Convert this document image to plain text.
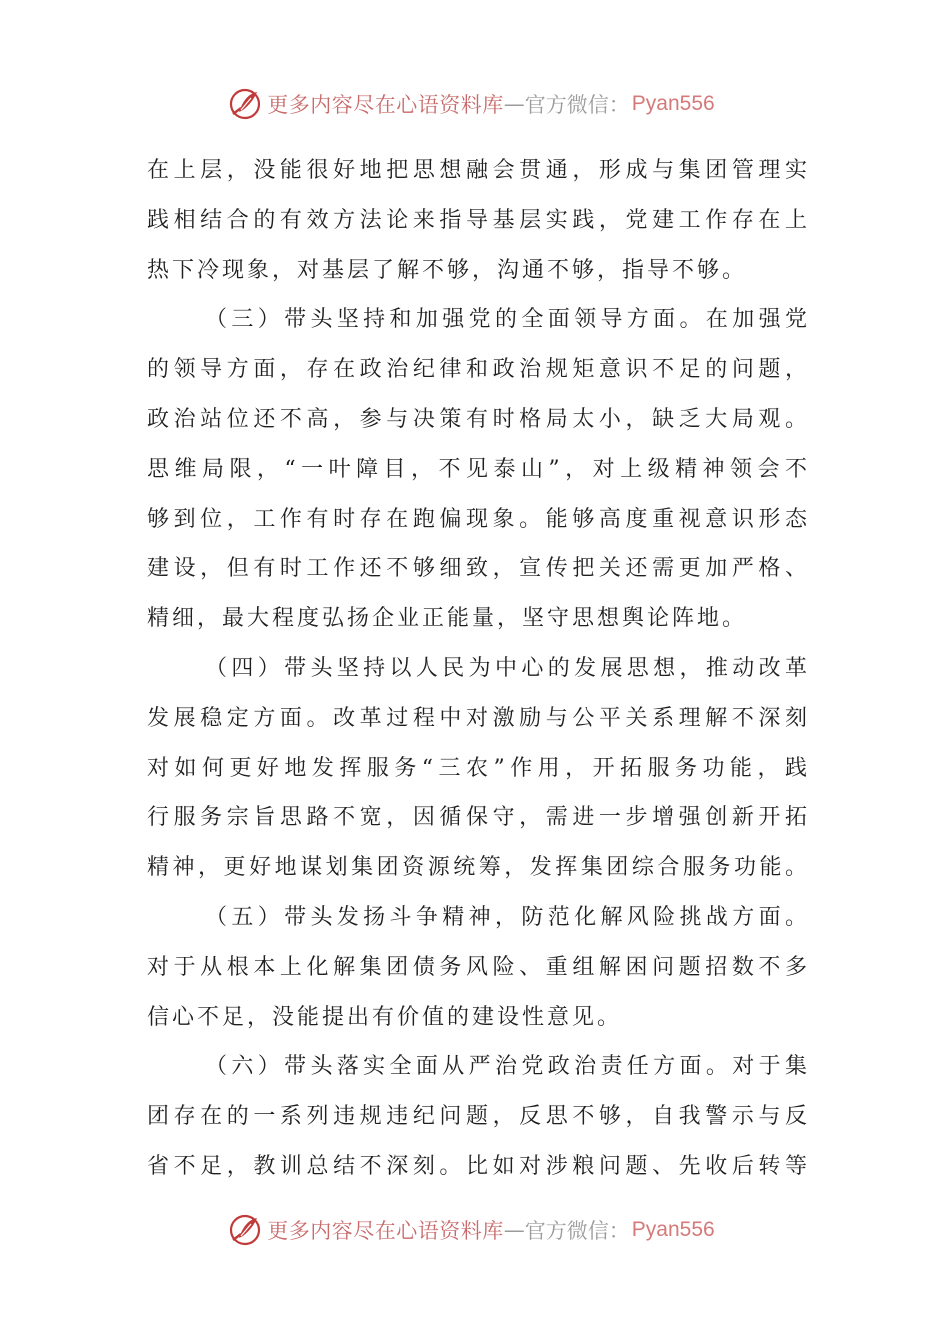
更多内容尽在心语资料库 — 官方微信： Pyan556
在上层，没能很好地把思想融会贯通，形成与集团管理实
践相结合的有效方法论来指导基层实践，党建工作存在上
热下冷现象，对基层了解不够，沟通不够，指导不够。
（三）带头坚持和加强党的全面领导方面。在加强党
的领导方面，存在政治纪律和政治规矩意识不足的问题，
政治站位还不高，参与决策有时格局太小，缺乏大局观。
思维局限，“一叶障目，不见泰山”，对上级精神领会不
够到位，工作有时存在跑偏现象。能够高度重视意识形态
建设，但有时工作还不够细致，宣传把关还需更加严格、
精细，最大程度弘扬企业正能量，坚守思想舆论阵地。
（四）带头坚持以人民为中心的发展思想，推动改革
发展稳定方面。改革过程中对激励与公平关系理解不深刻
对如何更好地发挥服务“三农”作用，开拓服务功能，践
行服务宗旨思路不宽，因循保守，需进一步增强创新开拓
精神，更好地谋划集团资源统筹，发挥集团综合服务功能。
（五）带头发扬斗争精神，防范化解风险挑战方面。
对于从根本上化解集团债务风险、重组解困问题招数不多
信心不足，没能提出有价值的建设性意见。
（六）带头落实全面从严治党政治责任方面。对于集
团存在的一系列违规违纪问题，反思不够，自我警示与反
省不足，教训总结不深刻。比如对涉粮问题、先收后转等
更多内容尽在心语资料库 — 官方微信： Pyan556
